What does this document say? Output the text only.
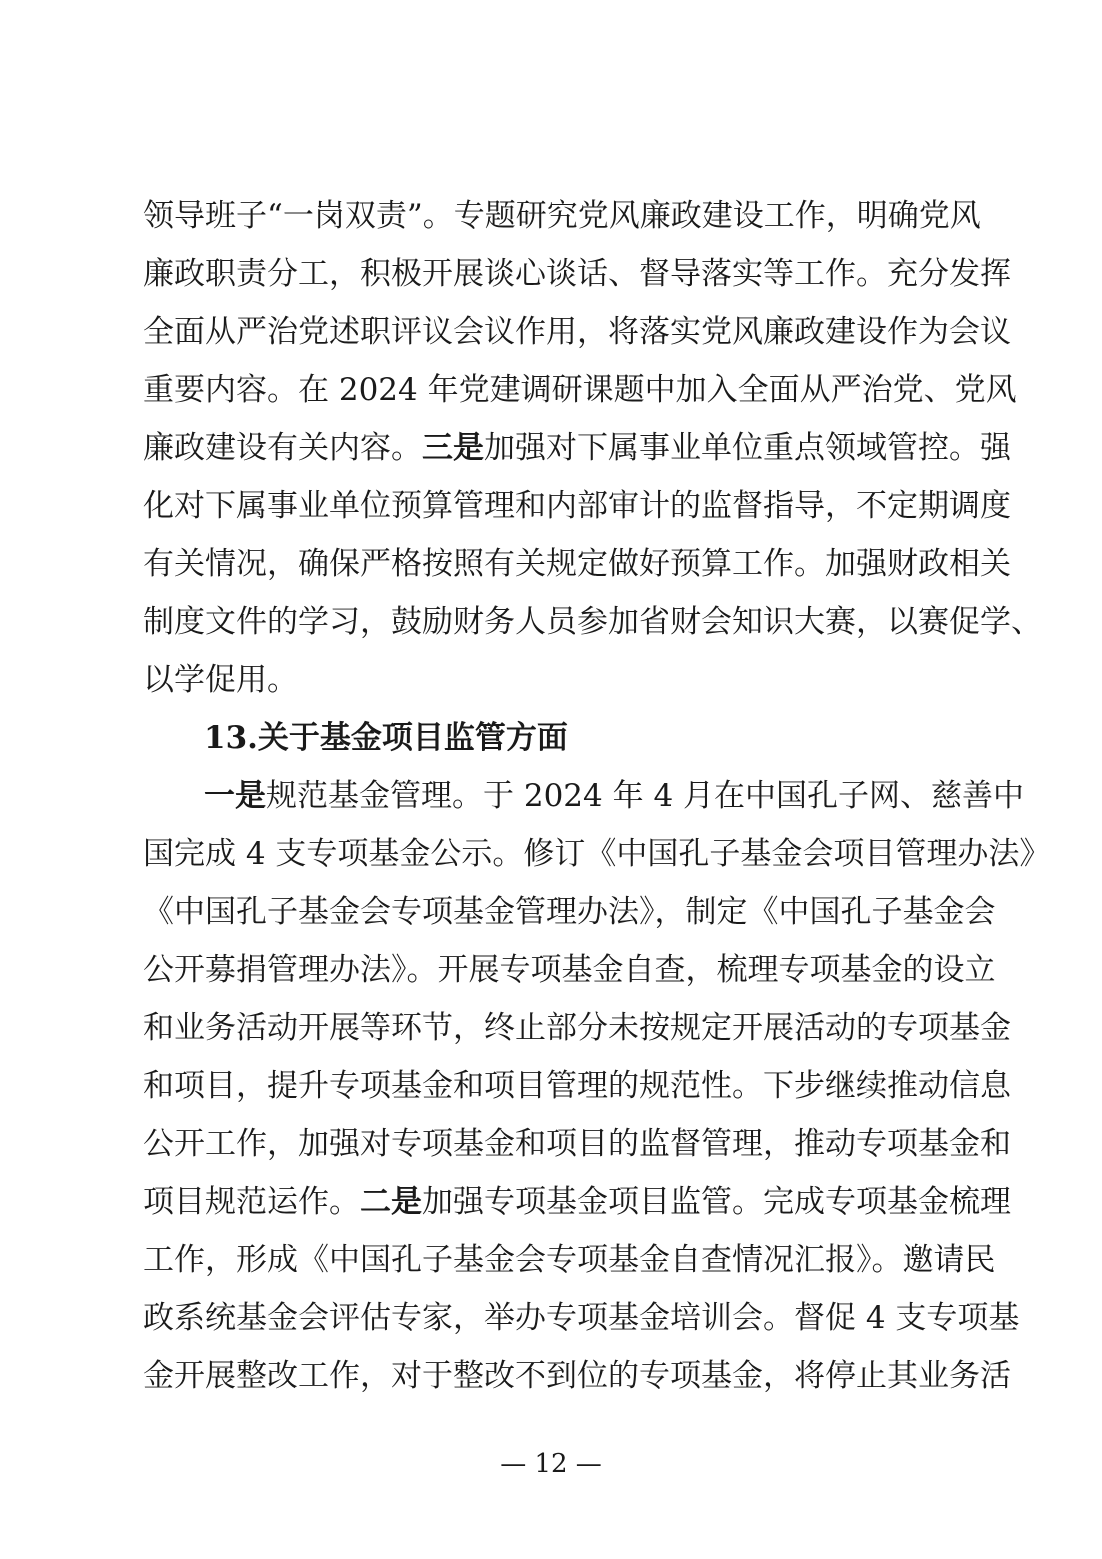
领导班子“一岗双责”。专题研究党风廉政建设工作，明确党风
廉政职责分工，积极开展谈心谈话、督导落实等工作。充分发挥
全面从严治党述职评议会议作用，将落实党风廉政建设作为会议
重要内容。在 2024 年党建调研课题中加入全面从严治党、党风
廉政建设有关内容。三是加强对下属事业单位重点领域管控。强
化对下属事业单位预算管理和内部审计的监督指导，不定期调度
有关情况，确保严格按照有关规定做好预算工作。加强财政相关
制度文件的学习，鼓励财务人员参加省财会知识大赛，以赛促学、
以学促用。
13.关于基金项目监管方面
一是规范基金管理。于 2024 年 4 月在中国孔子网、慈善中
国完成 4 支专项基金公示。修订《中国孔子基金会项目管理办法》
《中国孔子基金会专项基金管理办法》，制定《中国孔子基金会
公开募捐管理办法》。开展专项基金自查，梳理专项基金的设立
和业务活动开展等环节，终止部分未按规定开展活动的专项基金
和项目，提升专项基金和项目管理的规范性。下步继续推动信息
公开工作，加强对专项基金和项目的监督管理，推动专项基金和
项目规范运作。二是加强专项基金项目监管。完成专项基金梳理
工作，形成《中国孔子基金会专项基金自查情况汇报》。邀请民
政系统基金会评估专家，举办专项基金培训会。督促 4 支专项基
金开展整改工作，对于整改不到位的专项基金，将停止其业务活
— 12 —
